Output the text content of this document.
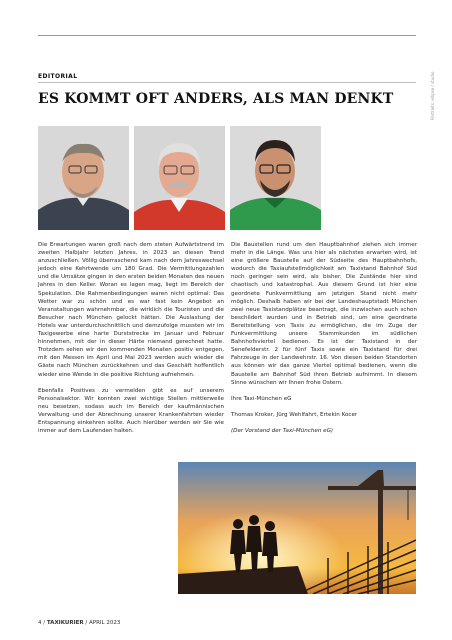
Portraits: ellipse / studio
EDITORIAL
ES KOMMT OFT ANDERS, ALS MAN DENKT

Die Erwartungen waren groß nach dem steten Aufwärtstrend im zweiten Halbjahr letzten Jahres, in 2023 an diesen Trend anzuschließen. Völlig überraschend kam nach dem Jahreswechsel jedoch eine Kehrtwende um 180 Grad. Die Vermittlungszahlen und die Umsätze gingen in den ersten beiden Monaten des neuen Jahres in den Keller. Woran es lagen mag, liegt im Bereich der Spekulation. Die Rahmenbedingungen waren nicht optimal: Das Wetter war zu schön und es war fast kein Angebot an Veranstaltungen wahrnehmbar, die wirklich die Touristen und die Besucher nach München gelockt hätten. Die Auslastung der Hotels war unterdurchschnittlich und demzufolge mussten wir im Taxigewerbe eine harte Durststrecke im Januar und Februar hinnehmen, mit der in dieser Härte niemand gerechnet hatte. Trotzdem sehen wir den kommenden Monaten positiv entgegen, mit den Messen im April und Mai 2023 werden auch wieder die Gäste nach München zurückkehren und das Geschäft hoffentlich wieder eine Wende in die positive Richtung aufnehmen.

Ebenfalls Positives zu vermelden gibt es auf unserem Personalsektor. Wir konnten zwei wichtige Stellen mittlerweile neu besetzen, sodass auch im Bereich der kaufmännischen Verwaltung und der Abrechnung unserer Krankenfahrten wieder Entspannung einkehren sollte. Auch hierüber werden wir Sie wie immer auf dem Laufenden halten.

Die Baustellen rund um den Hauptbahnhof ziehen sich immer mehr in die Länge. Was uns hier als nächstes erwarten wird, ist eine größere Baustelle auf der Südseite des Hauptbahnhofs, wodurch die Taxiaufstellmöglichkeit am Taxistand Bahnhof Süd noch geringer sein wird, als bisher. Die Zustände hier sind chaotisch und katastrophal. Aus diesem Grund ist hier eine geordnete Funkvermittlung am jetzigen Stand nicht mehr möglich. Deshalb haben wir bei der Landeshauptstadt München zwei neue Taxistandplätze beantragt, die inzwischen auch schon beschildert wurden und in Betrieb sind, um eine geordnete Bereitstellung von Taxis zu ermöglichen, die im Zuge der Funkvermittlung unsere Stammkunden im südlichen Bahnhofsviertel bedienen. Es ist der Taxistand in der Senefelderstr. 2 für fünf Taxis sowie ein Taxistand für drei Fahrzeuge in der Landwehrstr. 16. Von diesen beiden Standorten aus können wir das ganze Viertel optimal bedienen, wenn die Baustelle am Bahnhof Süd ihren Betrieb aufnimmt. In diesem Sinne wünschen wir Ihnen frohe Ostern.

Ihre Taxi-München eG

Thomas Kroker, Jürg Wehlfahrt, Ertekin Kocer

(Der Vorstand der Taxi-München eG)

4 / TAXIKURIER / APRIL 2023
